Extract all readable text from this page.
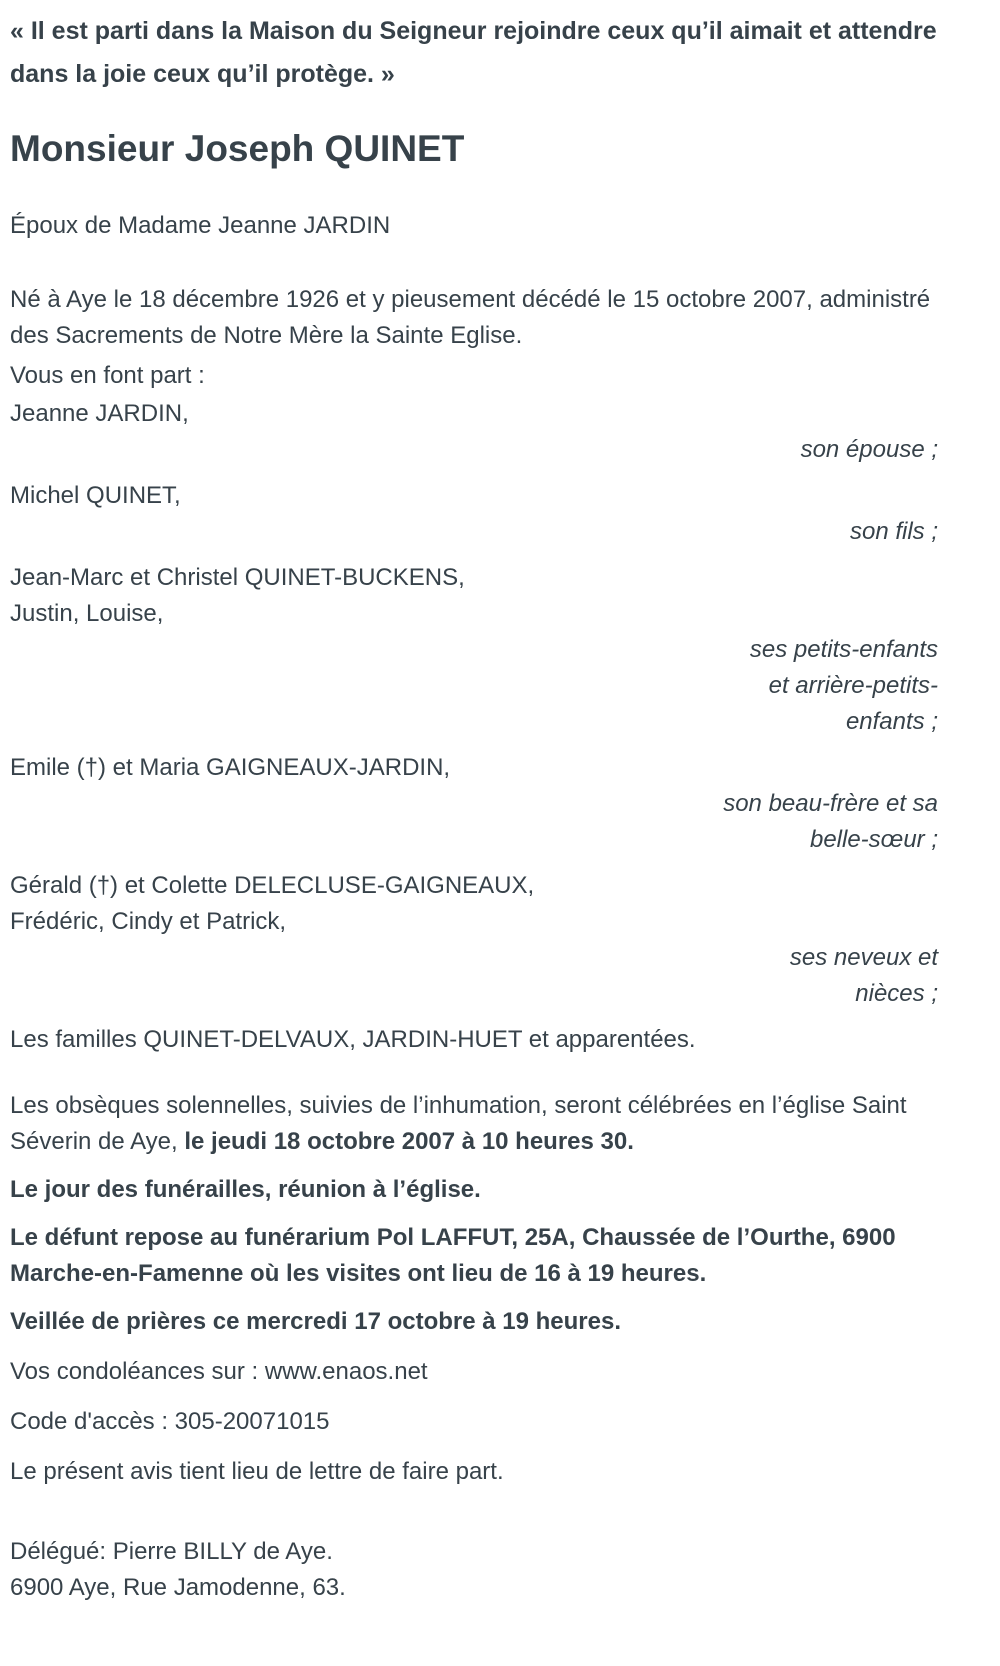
« Il est parti dans la Maison du Seigneur rejoindre ceux qu’il aimait et attendre dans la joie ceux qu’il protège. »

Monsieur Joseph QUINET

Époux de Madame Jeanne JARDIN

Né à Aye le 18 décembre 1926 et y pieusement décédé le 15 octobre 2007, administré des Sacrements de Notre Mère la Sainte Eglise.

Vous en font part :

Jeanne JARDIN,

son épouse ;

Michel QUINET,

son fils ;

Jean-Marc et Christel QUINET-BUCKENS,

Justin, Louise,

ses petits-enfants

et arrière-petits-

enfants ;

Emile (†) et Maria GAIGNEAUX-JARDIN,

son beau-frère et sa

belle-sœur ;

Gérald (†) et Colette DELECLUSE-GAIGNEAUX,

Frédéric, Cindy et Patrick,

ses neveux et

nièces ;

Les familles QUINET-DELVAUX, JARDIN-HUET et apparentées.

Les obsèques solennelles, suivies de l’inhumation, seront célébrées en l’église Saint Séverin de Aye, le jeudi 18 octobre 2007 à 10 heures 30.

Le jour des funérailles, réunion à l’église.

Le défunt repose au funérarium Pol LAFFUT, 25A, Chaussée de l’Ourthe, 6900 Marche-en-Famenne où les visites ont lieu de 16 à 19 heures.

Veillée de prières ce mercredi 17 octobre à 19 heures.

Vos condoléances sur : www.enaos.net

Code d'accès : 305-20071015

Le présent avis tient lieu de lettre de faire part.

Délégué: Pierre BILLY de Aye.

6900 Aye, Rue Jamodenne, 63.
